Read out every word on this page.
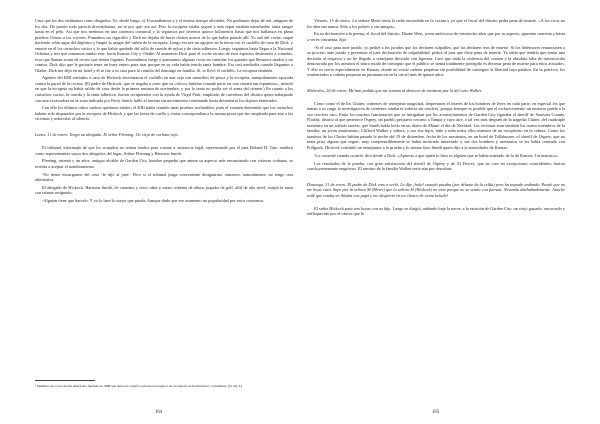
Cruz que los dos estábamos como drogados. Yo, desde luego, sí. Fracasábamos y y el mismo tiempo aliviados. No podíamos dejar de reír, ninguno de los dos. De pronto todo parecía divertidísimo, no sé por qué; era así. Pero la escopeta estaba segura y más repar estaban manchadas: tanta sangre hasta en el pelo. Así que nos metimos en una carretera comarcal y la seguimos por terrenos quince kilómetros hasta que nos hallamos en plena pradera. Oímos a los coyotes. Fumamos un cigarrillo y Dick no dejaba de hacer chistes acerca de lo que había pasado allí. Yo salí del coche, saqué haciendo sifón agua del depósito y limpié la sangre del cañón de la escopeta. Luego excavé un agujero en la tierra con el cuchillo de caza de Dick, y enterré en él los cartuchos vacíos y lo que había quedado del rollo de cuerda de nylon y de cinta adhesiva. Luego, seguimos hasta llegar a la Nacional Ochenta y tres que tomamos rumbo este, hacia Kansas City y Olathe. Al amanecer Dick paró el coche en uno de esos espacios destinados a comidas, esos que llaman zonas de recreo que tienen fogones. Encendimos fuego y quemamos algunas cosas en cuestión: los guantes que llevamos usados y mi camisa. Dick dijo que le gustaría tener un buey entero para asar porque en su vida había tenido tanta hambre. Era casi mediodía cuando llegamos a Olathe. Dick me dejó en mi hotel y él se fue a su casa para la comida del domingo en familia. Sí, se llevó el cuchillo. La escopeta también.

Agentes del KBI enviados a casa de Hickock encontraron el cuchillo en una caja con utensilios de pesca y la escopeta, tranquilamente apoyada contra la pared de la cocina. (El padre de Hickock, que se negaba a creer que su «chico» hubiese tomado parte en «un crimen tan espantoso», insistió en que la escopeta no había salido de casa desde la primera semana de noviembre, y por lo tanto no podía ser el arma del crimen.) En cuanto a los cartuchos vacíos, la cuerda y la cinta adhesiva, fueron recuperados con la ayuda de Virgil Pratt, empleado de carreteras del distrito quien trabajando con una excavadora en la zona indicada por Perry Smith, halló el terreno sin movimiento continuado hasta desenterrar los objetos enterrados.

Con ello los últimos cabos sueltos quedaron atados; el KBI había reunido unas pruebas irrefutables, pues el examen determinó que los cartuchos habían sido disparados por la escopeta de Hickock y que las botas de cuello y cintas correspondían a la misma pieza que fue empleada para atar a las víctimas y reducirlas al silencio.

Lunes, 11 de enero. Tengo un abogado. El señor Fleming. Un viejo de corbata roja.

El tribunal, informado de que los acusados no tenían fondos para costear a asistencia legal, representado por el juez Roland H. Tate, nombró como representantes suyos dos abogados del lugar, Arthur Fleming y Harrison Smith.

Fleming, setenta y un años, antiguo alcalde de Garden City, hombre pequeño que anima su aspecto más encaucinado con vistosas corbatas, se resistía a aceptar el nombramiento.

-No deseo encargarme del caso -le dijo al juez-. Pero si el tribunal juzga conveniente designarme, entonces, naturalmente, no tengo otra alternativa.

El abogado de Hickock, Harrison Smith, de cuarenta y cinco años y metro ochenta de altura, jugador de golf, alfil de alto nivel, aceptó la tarea con talante resignado.

-Alguien tiene que hacerlo. Y yo lo haré lo mejor que pueda. Aunque dudo que ese asumento mi popularidad por estos contornos.

¹ Miembro de la asociación americana fundada en 1868 que tiene por objetivo principal proteger a un vecindario de hermandad y costumbres. (N. del T.)
164

Viernes, 15 de enero. La señora Meier tenía la radio encendida en la cocina y yo que el fiscal del distrito pedía pena de muerte. «A los ricos no los ahorcan nunca. Sólo a los pobres y sin amigos».

En su declaración a la prensa, el fiscal del distrito, Duane West, joven ambicioso de veintiocho años que por su aspecto, aparenta cuarenta y hasta a veces cincuenta, dijo:

-Si el caso pasa ante jurado, yo pediré a los jurados que los declaren culpables, que los declaren reos de muerte. Si los defensores renunciasen a su proceso ante jurado y presentan el juez declaración de culpabilidad, pediré al juez que dicte pena de muerte. Ya sabía que tendría que tomar una decisión al respecto y no he llegado a semejante decisión con ligereza. Creo que dada la violencia del crimen y la absoluta falta de misericordia demostrada por los asesinos el único modo de conseguir que el público se sienta totalmente protegido es decretar pena de muerte para estos acusados. Y ello es cierto especialmente en Kansas, donde no existe cadena perpetua sin posibilidad de conseguir la libertad bajo palabra. En la práctica, los sentenciados a cadena perpetua no permanecen en la cárcel más de quince años.

Miércoles, 20 de enero. Me han pedido que me someta al detector de mentiras por lo del caso Walker.

Como como el de los Clutter, crímenes de semejante magnitud, despertaron el interés de los hombres de leyes en cada parte, en especial los que tenían a su cargo la investigación de crímenes similares todavía sin resolver, porque siempre es posible que el esclarecimiento un misterio pueda a la vez resolver otro. Entre los muchos funcionarios que se intrigaban por los acontecimientos de Garden City figuraba el sheriff de Sarasota County, Florida, distrito al que pertenece Osprey, un pueblo pesquero cercano a Tampa y cuyo aire, o tal vez más después de la tragedia Clutter, del cuádruple asesinato en un aislado rancho, que Smith había leído en un diario de Miami el día de Navidad. Las víctimas eran también los cuatro miembros de la familia: un joven matrimonio, Clifford Walker y señora, y sus dos hijos, niño y niña todos ellos muertos de un escopetazo en la cabeza. Como los asesinos de los Clutter habían pasado la noche del 19 de diciembre, fecha de los asesinatos, en un hotel de Tallahassee, el sheriff de Osprey, que no tenía pista alguna que seguir, muy comprensiblemente se había mostrado interesado y sus dos hombres y asesinatos se les había centrado con Polígrafo. Hickock consintió un semejantes a la prueba y lo mismo hizo Smith quien dijo a la autoridades de Kansas:

-Lo comenté cuando ocurrió, dice desde a Dick: «Apuesto a que quien lo hizo es alguien que se había enterado de lo de Kansas. Un maníaco».

Los resultados de la prueba, con gran satisfacción del sheriff de Osprey y de Al Dewey, que no cree en excepciones coincidentes, fueron concluyentemente negativos. El asesino de la familia Walker sería aún por descubrir.

Domingo, 31 de enero. El padre de Dick vino a verlo. Le dije ¡hola! cuando pasaba (por delante de la celda) pero ha seguido andando. Puede que no me hoya visto. Supe por la señora M (Meier) que la señora H (Hickock) no vino porque no se sentía con fuerzas. Nevando abuhultadamente. Anoche soñé que estaba en Alaska con papá y me despierté en un charco de orina helado!

El señor Hickock pasó tres horas con su hijo. Luego se dirigió, andando bajo la nieve, a la estación de Garden City: un viejo gastado, encorvado y enflaquecido por el cáncer que lo

165
